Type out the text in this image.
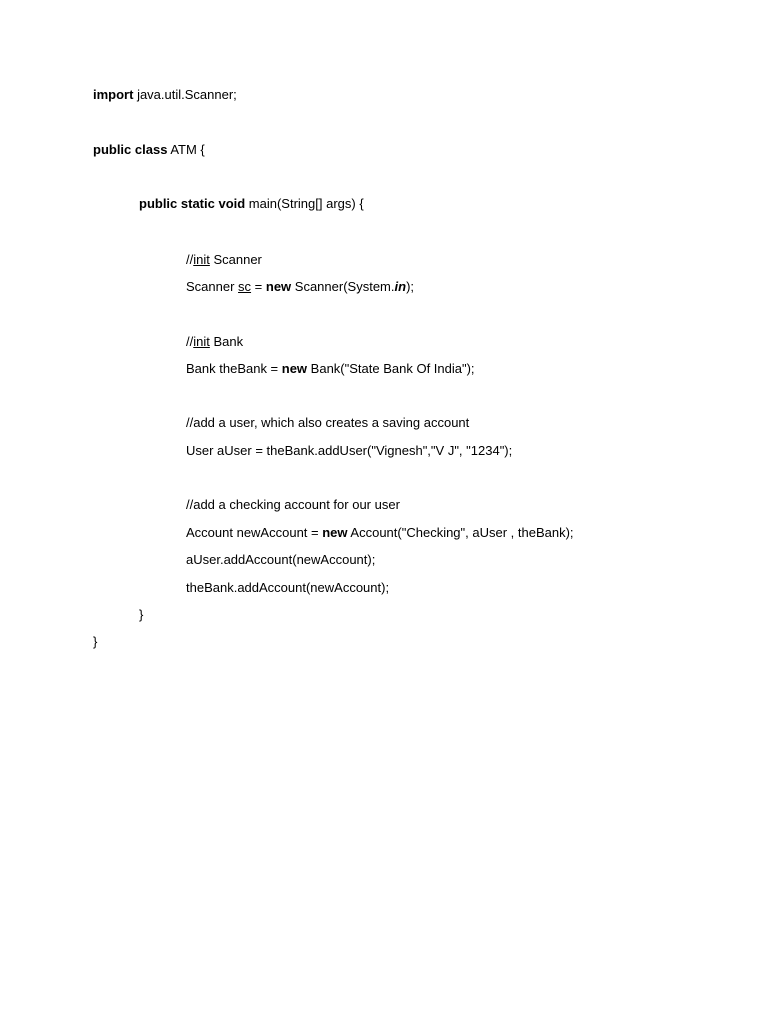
import java.util.Scanner;
public class ATM {
public static void main(String[] args) {
//init Scanner
Scanner sc = new Scanner(System.in);
//init Bank
Bank theBank = new Bank("State Bank Of India");
//add a user, which also creates a saving account
User aUser = theBank.addUser("Vignesh","V J", "1234");
//add a checking account for our user
Account newAccount = new Account("Checking", aUser , theBank);
aUser.addAccount(newAccount);
theBank.addAccount(newAccount);
}
}
